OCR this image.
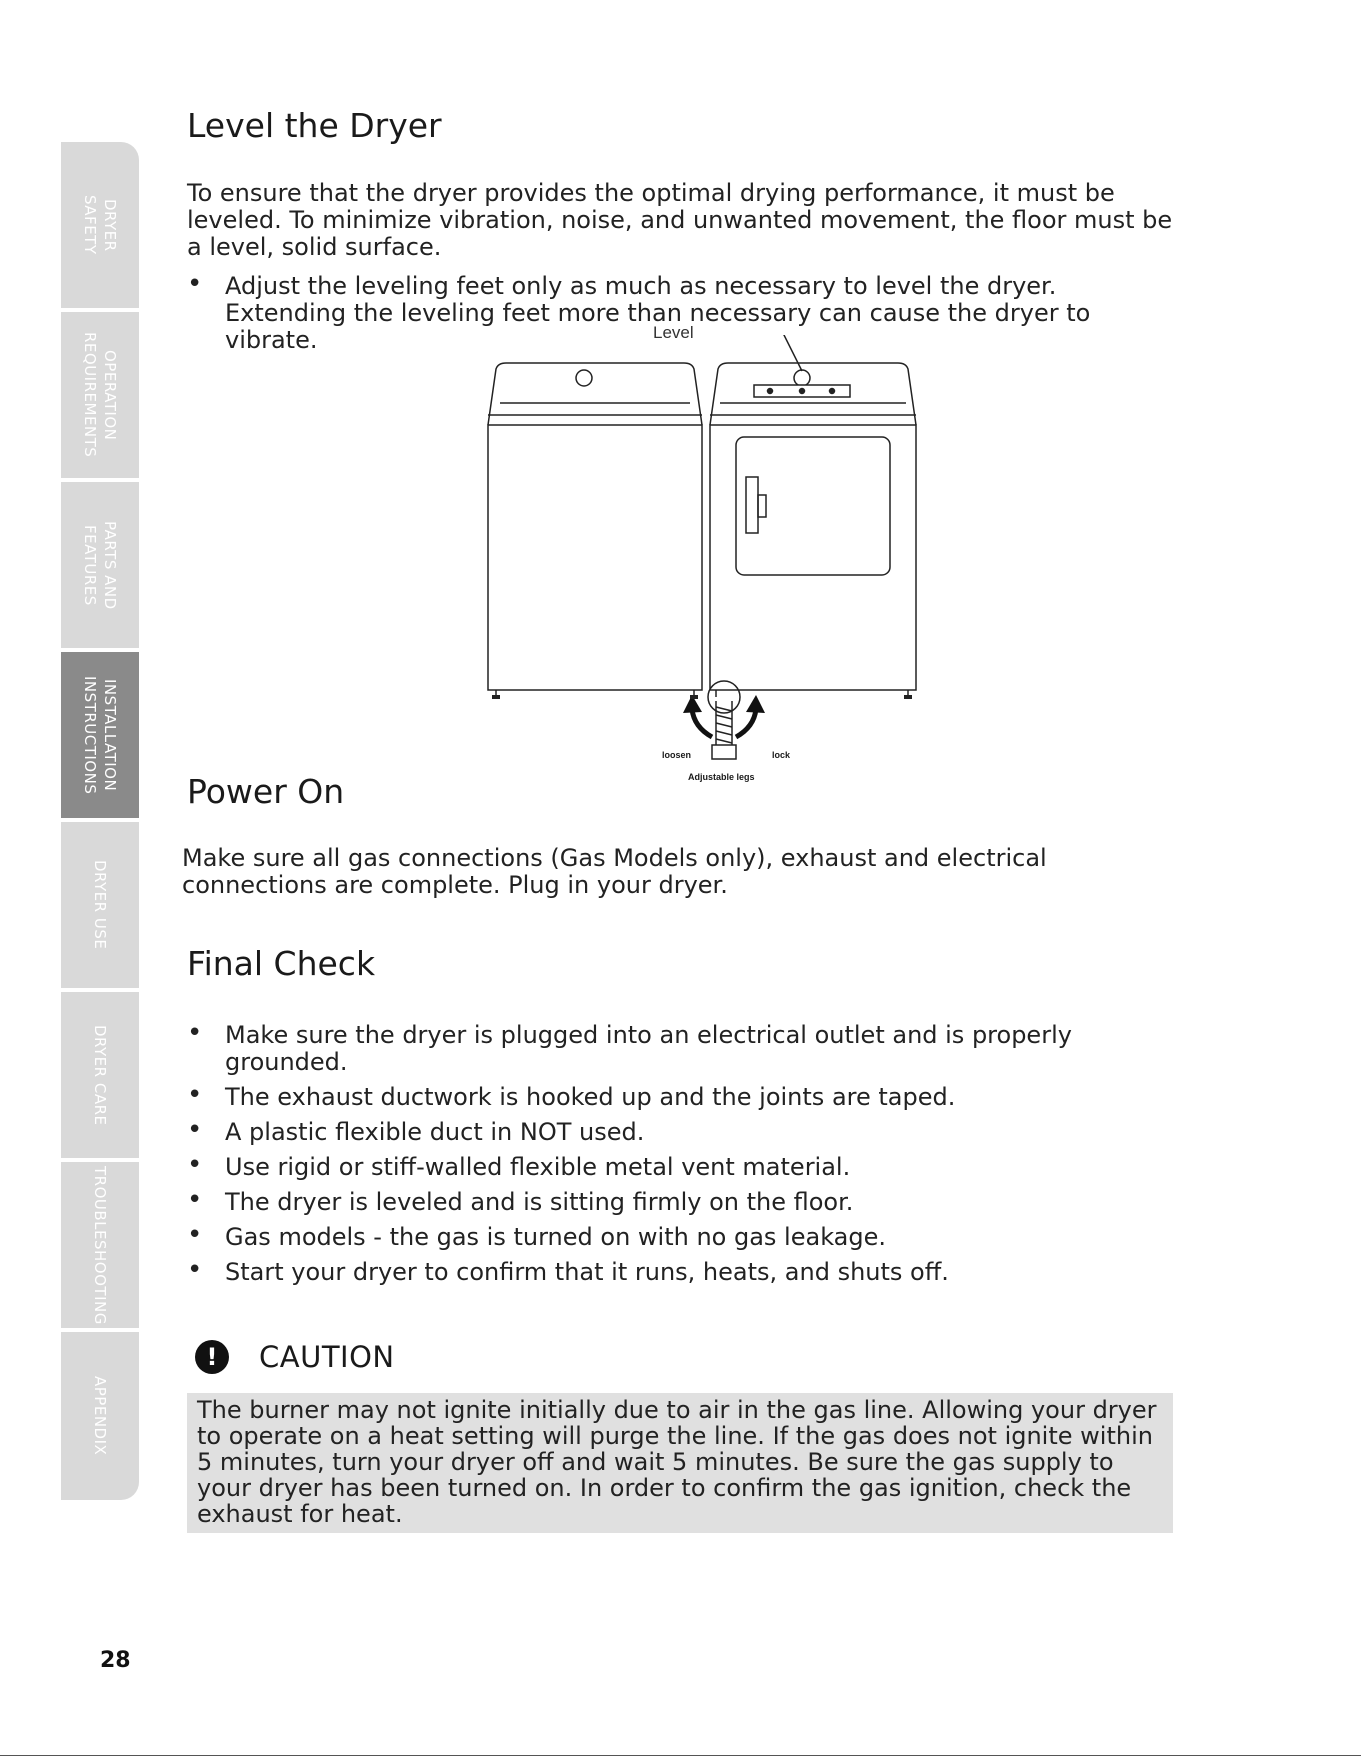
DRYER
SAFETY
OPERATION
REQUIREMENTS
PARTS AND
FEATURES
INSTALLATION
INSTRUCTIONS
DRYER USE
DRYER CARE
TROUBLESHOOTING
APPENDIX
Level the Dryer

To ensure that the dryer provides the optimal drying performance, it must be leveled. To minimize vibration, noise, and unwanted movement, the floor must be a level, solid surface.

• Adjust the leveling feet only as much as necessary to level the dryer. Extending the leveling feet more than necessary can cause the dryer to vibrate.	Level
loosen	lock
Adjustable legs
Power On

Make sure all gas connections (Gas Models only), exhaust and electrical connections are complete. Plug in your dryer.

Final Check
• Make sure the dryer is plugged into an electrical outlet and is properly grounded.
• The exhaust ductwork is hooked up and the joints are taped.
• A plastic flexible duct in NOT used.
• Use rigid or stiff-walled flexible metal vent material.
• The dryer is leveled and is sitting firmly on the floor.
• Gas models - the gas is turned on with no gas leakage.
• Start your dryer to confirm that it runs, heats, and shuts off.
!	CAUTION
The burner may not ignite initially due to air in the gas line. Allowing your dryer to operate on a heat setting will purge the line. If the gas does not ignite within 5 minutes, turn your dryer off and wait 5 minutes. Be sure the gas supply to your dryer has been turned on. In order to confirm the gas ignition, check the exhaust for heat.
28
